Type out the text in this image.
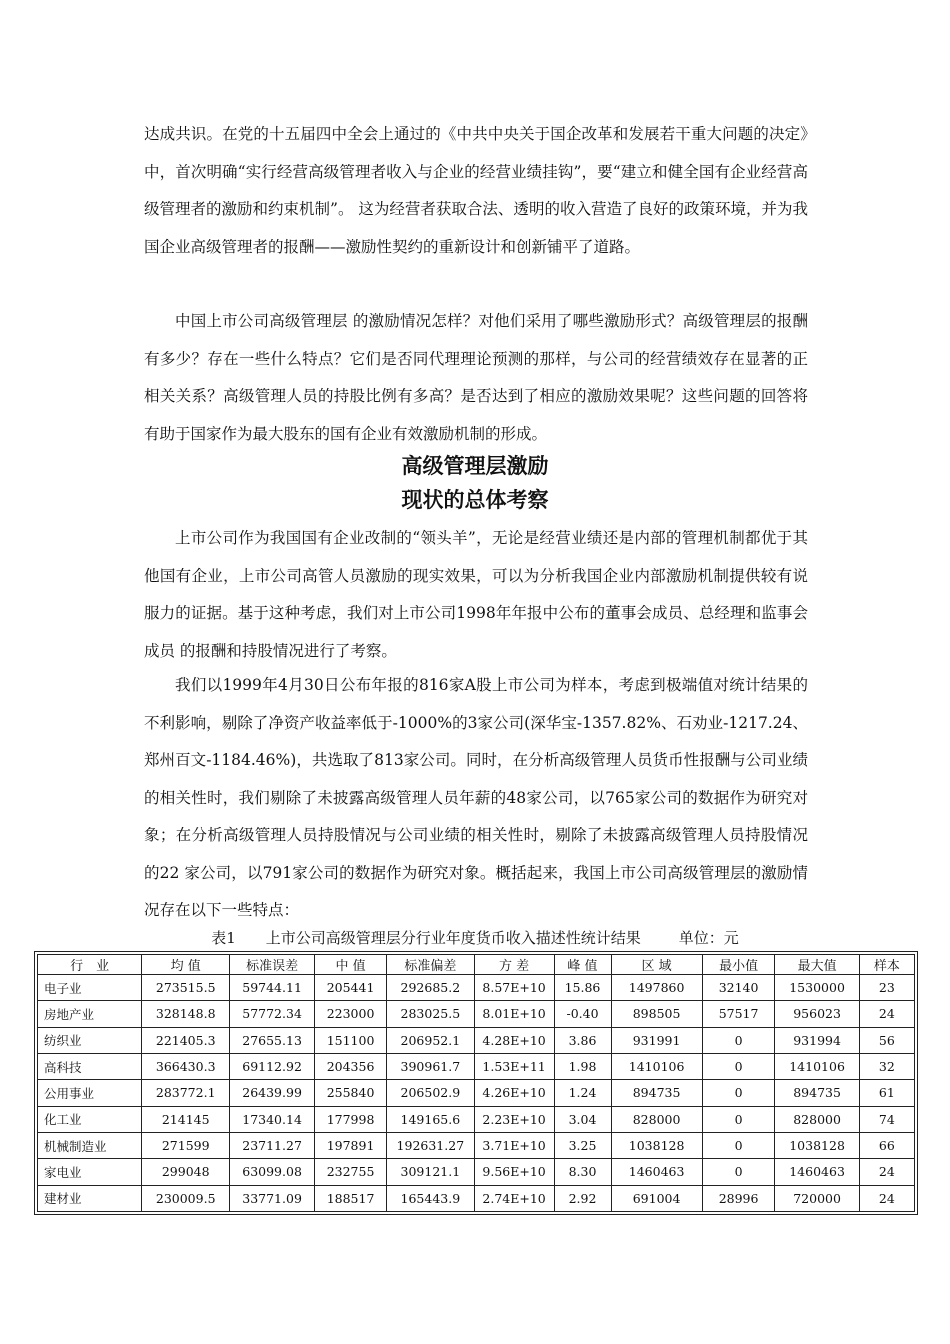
达成共识。在党的十五届四中全会上通过的《中共中央关于国企改革和发展若干重大问题的决定》中，首次明确“实行经营高级管理者收入与企业的经营业绩挂钩”，要“建立和健全国有企业经营高级管理者的激励和约束机制”。 这为经营者获取合法、透明的收入营造了良好的政策环境，并为我国企业高级管理者的报酬——激励性契约的重新设计和创新铺平了道路。

中国上市公司高级管理层 的激励情况怎样？对他们采用了哪些激励形式？高级管理层的报酬有多少？存在一些什么特点？它们是否同代理理论预测的那样，与公司的经营绩效存在显著的正相关关系？高级管理人员的持股比例有多高？是否达到了相应的激励效果呢？这些问题的回答将有助于国家作为最大股东的国有企业有效激励机制的形成。

高级管理层激励
现状的总体考察

上市公司作为我国国有企业改制的“领头羊”，无论是经营业绩还是内部的管理机制都优于其他国有企业，上市公司高管人员激励的现实效果，可以为分析我国企业内部激励机制提供较有说服力的证据。基于这种考虑，我们对上市公司1998年年报中公布的董事会成员、总经理和监事会成员 的报酬和持股情况进行了考察。

我们以1999年4月30日公布年报的816家A股上市公司为样本，考虑到极端值对统计结果的不利影响，剔除了净资产收益率低于-1000%的3家公司(深华宝-1357.82%、石劝业-1217.24、郑州百文-1184.46%)，共选取了813家公司。同时，在分析高级管理人员货币性报酬与公司业绩的相关性时，我们剔除了未披露高级管理人员年薪的48家公司，以765家公司的数据作为研究对象；在分析高级管理人员持股情况与公司业绩的相关性时，剔除了未披露高级管理人员持股情况的22 家公司，以791家公司的数据作为研究对象。概括起来，我国上市公司高级管理层的激励情况存在以下一些特点：

表1　　上市公司高级管理层分行业年度货币收入描述性统计结果	单位：元

行　业	均 值	标准误差	中 值	标准偏差	方 差	峰 值	区 域	最小值	最大值	样本
电子业	273515.5	59744.11	205441	292685.2	8.57E+10	15.86	1497860	32140	1530000	23
房地产业	328148.8	57772.34	223000	283025.5	8.01E+10	-0.40	898505	57517	956023	24
纺织业	221405.3	27655.13	151100	206952.1	4.28E+10	3.86	931991	0	931994	56
高科技	366430.3	69112.92	204356	390961.7	1.53E+11	1.98	1410106	0	1410106	32
公用事业	283772.1	26439.99	255840	206502.9	4.26E+10	1.24	894735	0	894735	61
化工业	214145	17340.14	177998	149165.6	2.23E+10	3.04	828000	0	828000	74
机械制造业	271599	23711.27	197891	192631.27	3.71E+10	3.25	1038128	0	1038128	66
家电业	299048	63099.08	232755	309121.1	9.56E+10	8.30	1460463	0	1460463	24
建材业	230009.5	33771.09	188517	165443.9	2.74E+10	2.92	691004	28996	720000	24
